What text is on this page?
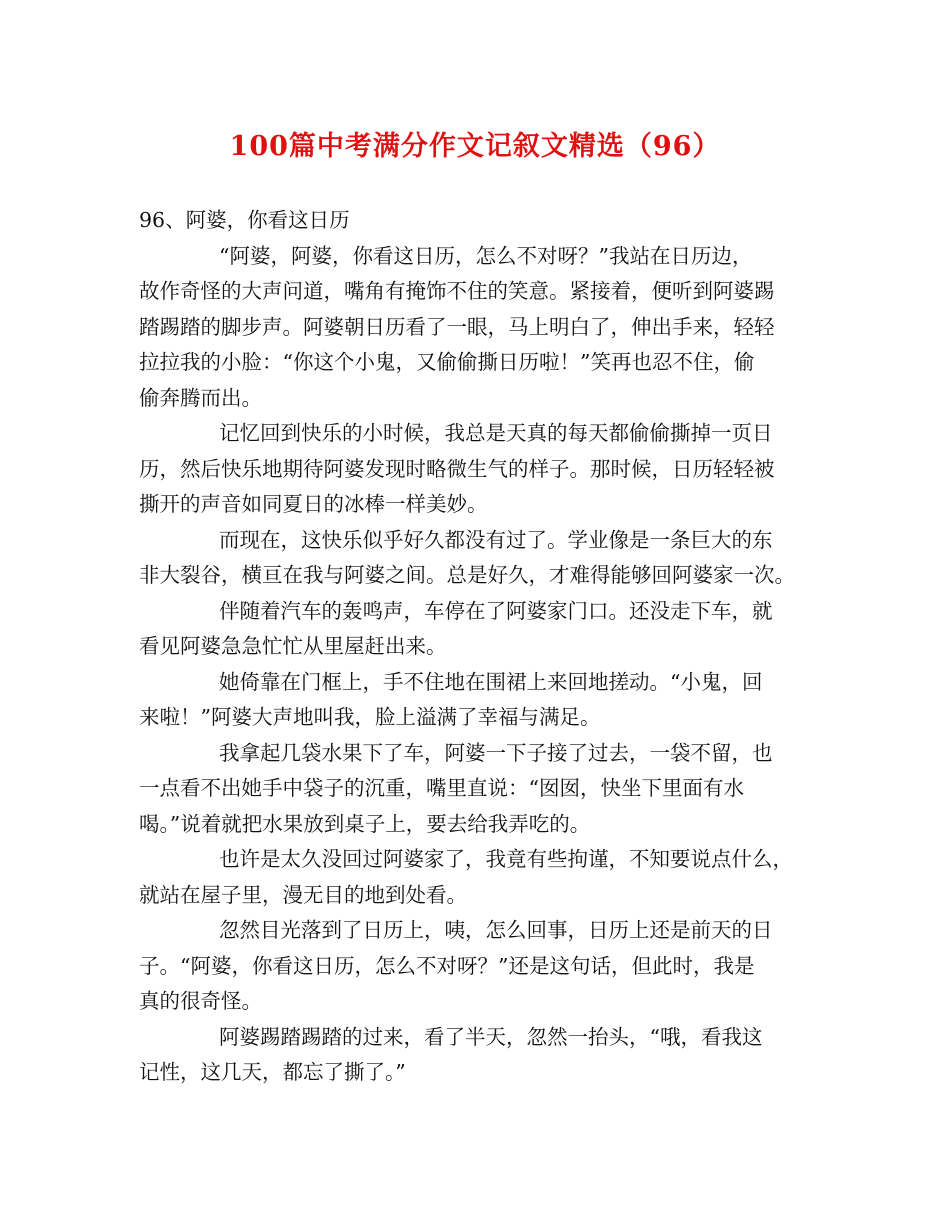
100篇中考满分作文记叙文精选（96）

96、阿婆，你看这日历

“阿婆，阿婆，你看这日历，怎么不对呀？”我站在日历边，

故作奇怪的大声问道，嘴角有掩饰不住的笑意。紧接着，便听到阿婆踢

踏踢踏的脚步声。阿婆朝日历看了一眼，马上明白了，伸出手来，轻轻

拉拉我的小脸：“你这个小鬼，又偷偷撕日历啦！”笑再也忍不住，偷

偷奔腾而出。

记忆回到快乐的小时候，我总是天真的每天都偷偷撕掉一页日

历，然后快乐地期待阿婆发现时略微生气的样子。那时候，日历轻轻被

撕开的声音如同夏日的冰棒一样美妙。

而现在，这快乐似乎好久都没有过了。学业像是一条巨大的东

非大裂谷，横亘在我与阿婆之间。总是好久，才难得能够回阿婆家一次。

伴随着汽车的轰鸣声，车停在了阿婆家门口。还没走下车，就

看见阿婆急急忙忙从里屋赶出来。

她倚靠在门框上，手不住地在围裙上来回地搓动。“小鬼，回

来啦！”阿婆大声地叫我，脸上溢满了幸福与满足。

我拿起几袋水果下了车，阿婆一下子接了过去，一袋不留，也

一点看不出她手中袋子的沉重，嘴里直说：“囡囡，快坐下里面有水

喝。”说着就把水果放到桌子上，要去给我弄吃的。

也许是太久没回过阿婆家了，我竟有些拘谨，不知要说点什么，

就站在屋子里，漫无目的地到处看。

忽然目光落到了日历上，咦，怎么回事，日历上还是前天的日

子。“阿婆，你看这日历，怎么不对呀？”还是这句话，但此时，我是

真的很奇怪。

阿婆踢踏踢踏的过来，看了半天，忽然一抬头，“哦，看我这

记性，这几天，都忘了撕了。”
